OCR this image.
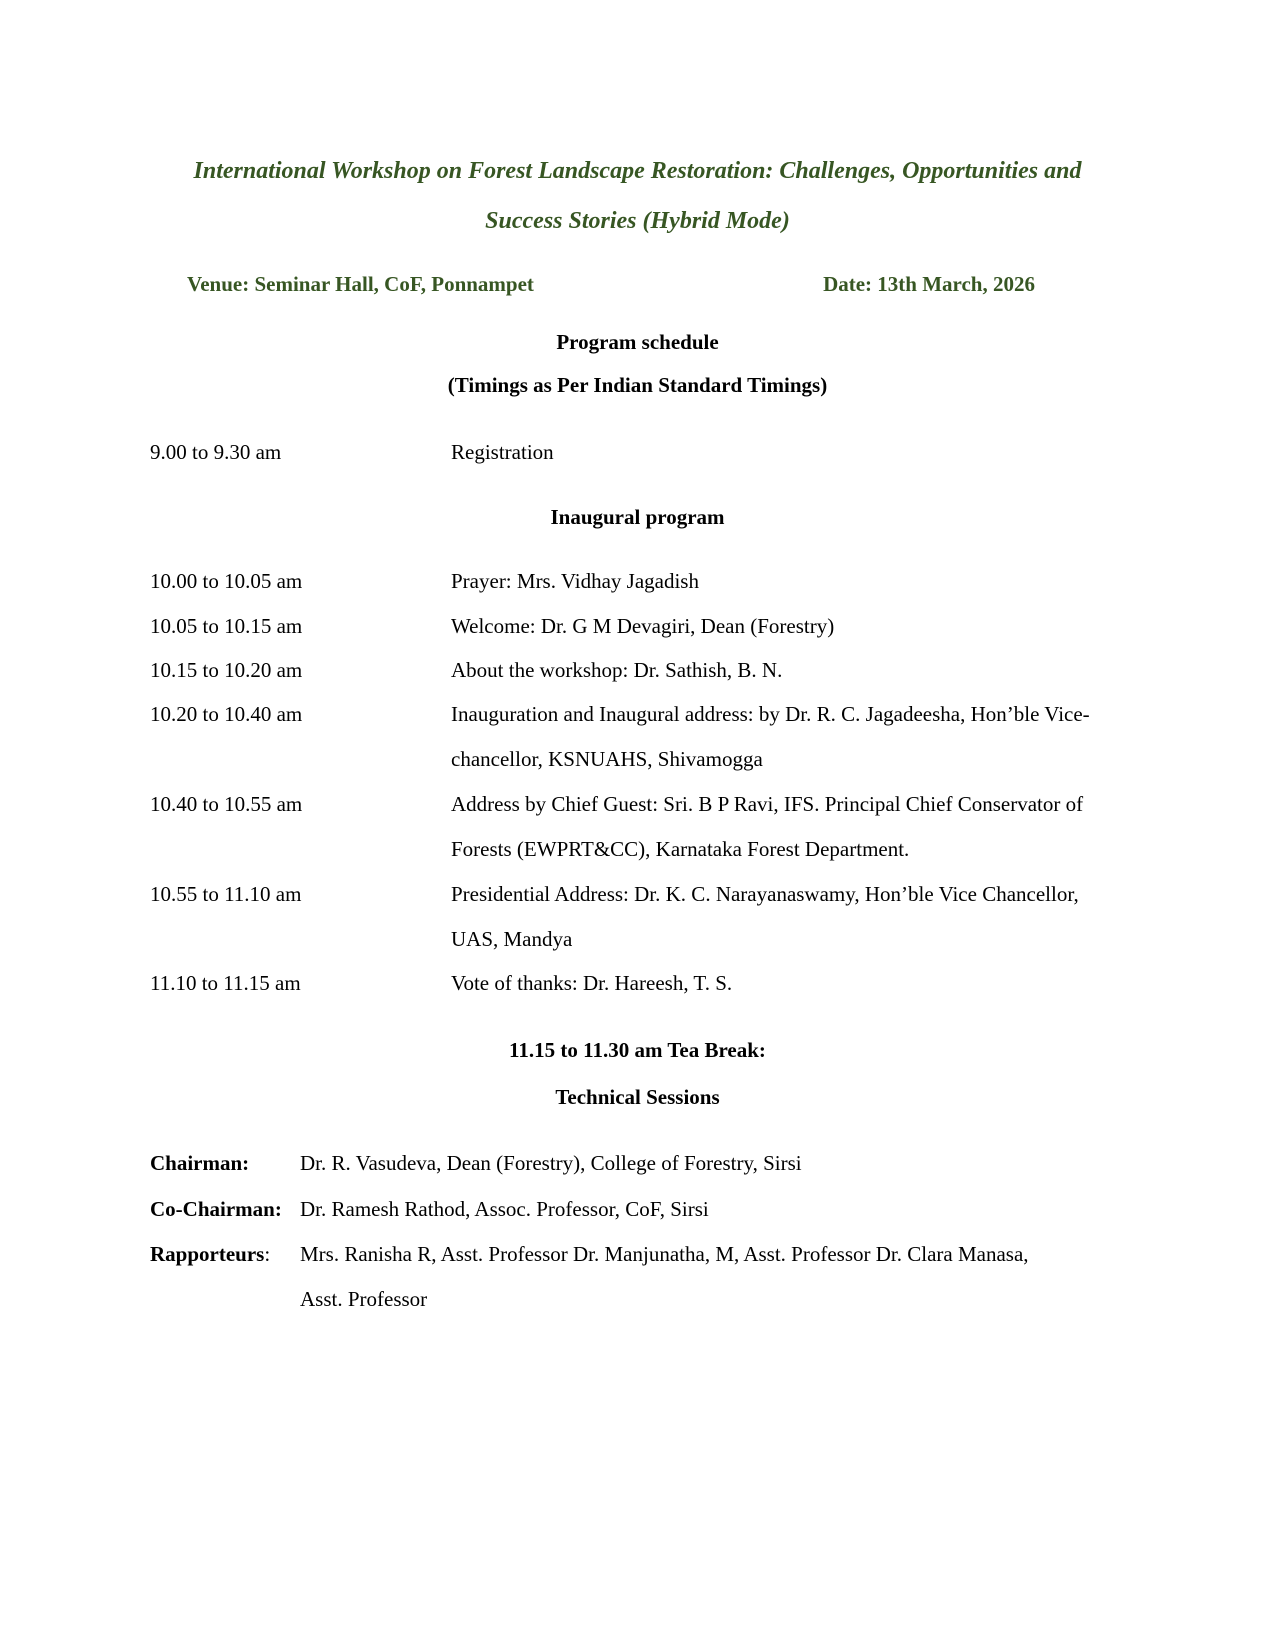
International Workshop on Forest Landscape Restoration: Challenges, Opportunities and
Success Stories (Hybrid Mode)
Venue: Seminar Hall, CoF, Ponnampet	Date: 13th March, 2026
Program schedule
(Timings as Per Indian Standard Timings)
9.00 to 9.30 am	Registration
Inaugural program
10.00 to 10.05 am	Prayer: Mrs. Vidhay Jagadish
10.05 to 10.15 am	Welcome: Dr. G M Devagiri, Dean (Forestry)
10.15 to 10.20 am	About the workshop: Dr. Sathish, B. N.
10.20 to 10.40 am	Inauguration and Inaugural address: by Dr. R. C. Jagadeesha, Hon’ble Vice-
chancellor, KSNUAHS, Shivamogga
10.40 to 10.55 am	Address by Chief Guest: Sri. B P Ravi, IFS. Principal Chief Conservator of
Forests (EWPRT&CC), Karnataka Forest Department.
10.55 to 11.10 am	Presidential Address: Dr. K. C. Narayanaswamy, Hon’ble Vice Chancellor,
UAS, Mandya
11.10 to 11.15 am	Vote of thanks: Dr. Hareesh, T. S.
11.15 to 11.30 am Tea Break:
Technical Sessions
Chairman: Dr. R. Vasudeva, Dean (Forestry), College of Forestry, Sirsi
Co-Chairman: Dr. Ramesh Rathod, Assoc. Professor, CoF, Sirsi
Rapporteurs: Mrs. Ranisha R, Asst. Professor Dr. Manjunatha, M, Asst. Professor Dr. Clara Manasa,
Asst. Professor
